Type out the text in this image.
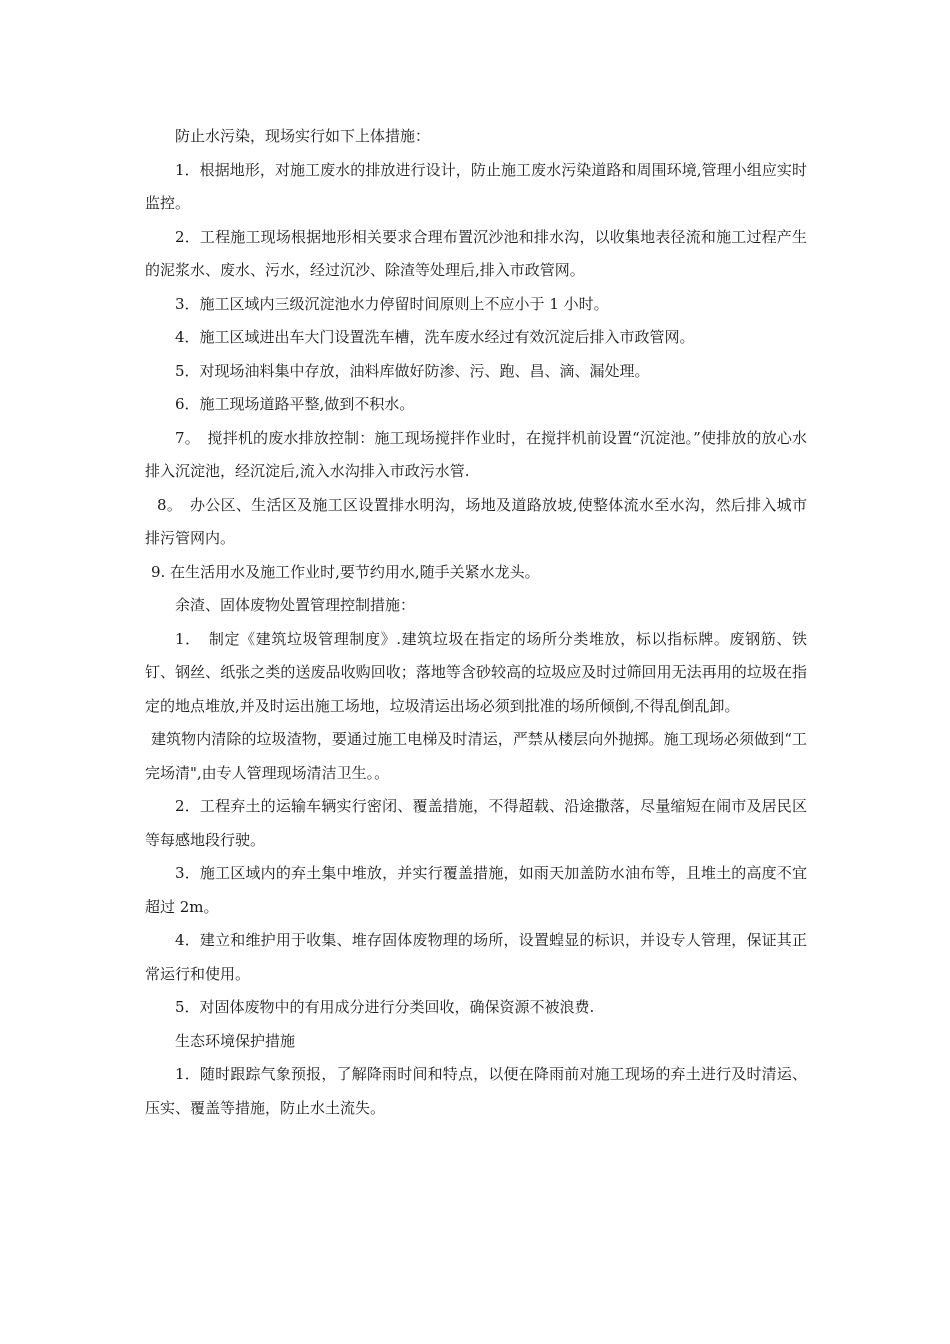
防止水污染，现场实行如下上体措施：

1．根据地形，对施工废水的排放进行设计，防止施工废水污染道路和周围环境,管理小组应实时监控。

2．工程施工现场根据地形相关要求合理布置沉沙池和排水沟，以收集地表径流和施工过程产生的泥浆水、废水、污水，经过沉沙、除渣等处理后,排入市政管网。

3．施工区域内三级沉淀池水力停留时间原则上不应小于 1 小时。

4．施工区域进出车大门设置洗车槽，洗车废水经过有效沉淀后排入市政管网。

5．对现场油料集中存放，油料库做好防渗、污、跑、昌、滴、漏处理。

6．施工现场道路平整,做到不积水。

7。　搅拌机的废水排放控制：施工现场搅拌作业时，在搅拌机前设置“沉淀池。”使排放的放心水排入沉淀池，经沉淀后,流入水沟排入市政污水管.

8。　办公区、生活区及施工区设置排水明沟，场地及道路放坡,使整体流水至水沟，然后排入城市排污管网内。

9. 在生活用水及施工作业时,要节约用水,随手关紧水龙头。

余渣、固体废物处置管理控制措施：

1．　制定《建筑垃圾管理制度》.建筑垃圾在指定的场所分类堆放，标以指标牌。废钢筋、铁钉、钢丝、纸张之类的送废品收购回收；落地等含砂较高的垃圾应及时过筛回用无法再用的垃圾在指定的地点堆放,并及时运出施工场地，垃圾清运出场必须到批准的场所倾倒,不得乱倒乱卸。

建筑物内清除的垃圾渣物，要通过施工电梯及时清运，严禁从楼层向外抛掷。施工现场必须做到“工完场清",由专人管理现场清洁卫生。。

2．工程弃土的运输车辆实行密闭、覆盖措施，不得超载、沿途撒落，尽量缩短在闹市及居民区等每感地段行驶。

3．施工区域内的弃土集中堆放，并实行覆盖措施，如雨天加盖防水油布等，且堆土的高度不宜超过 2m。

4．建立和维护用于收集、堆存固体废物理的场所，设置蝗显的标识，并设专人管理，保证其正常运行和使用。

5．对固体废物中的有用成分进行分类回收，确保资源不被浪费.

生态环境保护措施

1．随时跟踪气象预报，了解降雨时间和特点，以便在降雨前对施工现场的弃土进行及时清运、压实、覆盖等措施，防止水土流失。
